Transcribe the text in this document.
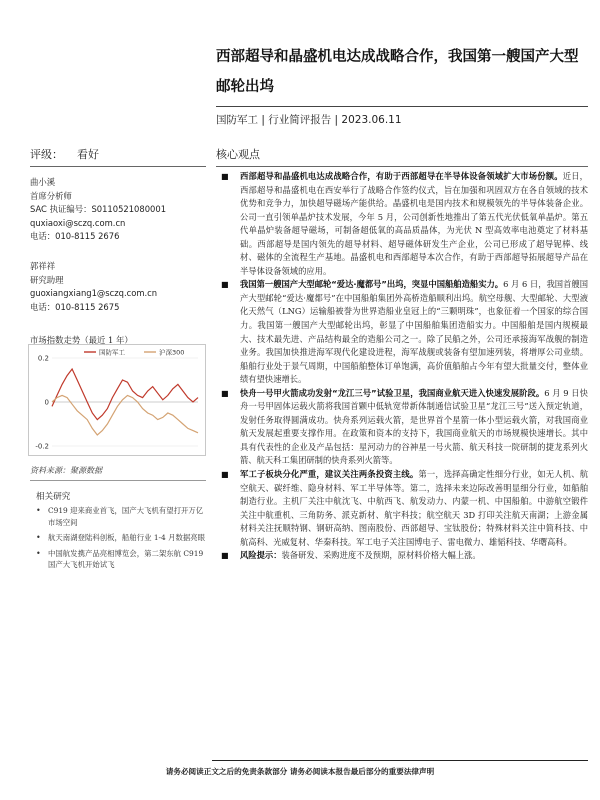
西部超导和晶盛机电达成战略合作，我国第一艘国产大型邮轮出坞
国防军工 | 行业简评报告 | 2023.06.11
评级： 看好	核心观点
曲小溪
首席分析师
SAC 执证编号：S0110521080001
quxiaoxi@sczq.com.cn
电话：010-8115 2676
郭祥祥
研究助理
guoxiangxiang1@sczq.com.cn
电话：010-8115 2675
市场指数走势（最近 1 年）
国防军工	沪深300
0.2
0
-0.2
资料来源：聚源数据
相关研究
• C919 迎来商业首飞，国产大飞机有望打开万亿市场空间
• 航天南湖登陆科创板，船舶行业 1-4 月数据亮眼
• 中国航发携产品亮相博览会，第二架东航 C919 国产大飞机开始试飞
■ 西部超导和晶盛机电达成战略合作，有助于西部超导在半导体设备领域扩大市场份额。近日，西部超导和晶盛机电在西安举行了战略合作签约仪式，旨在加强和巩固双方在各自领域的技术优势和竞争力，加快超导磁场产能供给。晶盛机电是国内技术和规模领先的半导体装备企业。公司一直引领单晶炉技术发展，今年 5 月，公司创新性地推出了第五代光伏低氧单晶炉。第五代单晶炉装备超导磁场，可制备超低氧的高品质晶体，为光伏 N 型高效率电池奠定了材料基础。西部超导是国内领先的超导材料、超导磁体研发生产企业，公司已形成了超导铌棒、线材、磁体的全流程生产基地。晶盛机电和西部超导本次合作，有助于西部超导拓展超导产品在半导体设备领域的应用。
■ 我国第一艘国产大型邮轮“爱达·魔都号”出坞，突显中国船舶造船实力。6 月 6 日，我国首艘国产大型邮轮“爱达·魔都号”在中国船舶集团外高桥造船顺利出坞。航空母舰、大型邮轮、大型液化天然气（LNG）运输船被誉为世界造船业皇冠上的“三颗明珠”，也象征着一个国家的综合国力。我国第一艘国产大型邮轮出坞，彰显了中国船舶集团造船实力。中国船舶是国内规模最大、技术最先进、产品结构最全的造船公司之一。除了民船之外，公司还承接海军战舰的制造业务。我国加快推进海军现代化建设进程，海军战舰或装备有望加速列装，将增厚公司业绩。船舶行业处于景气周期，中国船舶整体订单饱满，高价值船舶占今年有望大批量交付，整体业绩有望快速增长。
■ 快舟一号甲火箭成功发射“龙江三号”试验卫星，我国商业航天进入快速发展阶段。6 月 9 日快舟一号甲固体运载火箭将我国首颗中低轨宽带新体制通信试验卫星“龙江三号”送入预定轨道，发射任务取得圆满成功。快舟系列运载火箭，是世界首个星箭一体小型运载火箭，对我国商业航天发展起重要支撑作用。在政策和资本的支持下，我国商业航天的市场规模快速增长。其中具有代表性的企业及产品包括：星河动力的谷神星一号火箭、航天科技一院研制的捷龙系列火箭、航天科工集团研制的快舟系列火箭等。
■ 军工子板块分化严重，建议关注两条投资主线。第一，选择高确定性细分行业，如无人机、航空航天、碳纤维、隐身材料、军工半导体等。第二，选择未来边际改善明显细分行业，如船舶制造行业。主机厂关注中航沈飞、中航西飞、航发动力、内蒙一机、中国船舶。中游航空锻件关注中航重机、三角防务、派克新材、航宇科技；航空航天 3D 打印关注航天南湖；上游金属材料关注抚顺特钢、钢研高纳、图南股份、西部超导、宝钛股份；特殊材料关注中简科技、中航高科、光威复材、华秦科技。军工电子关注国博电子、雷电微力、雄韬科技、华曙高科。
■ 风险提示：装备研发、采购进度不及预期，原材料价格大幅上涨。
请务必阅读正文之后的免责条款部分 请务必阅读本报告最后部分的重要法律声明
